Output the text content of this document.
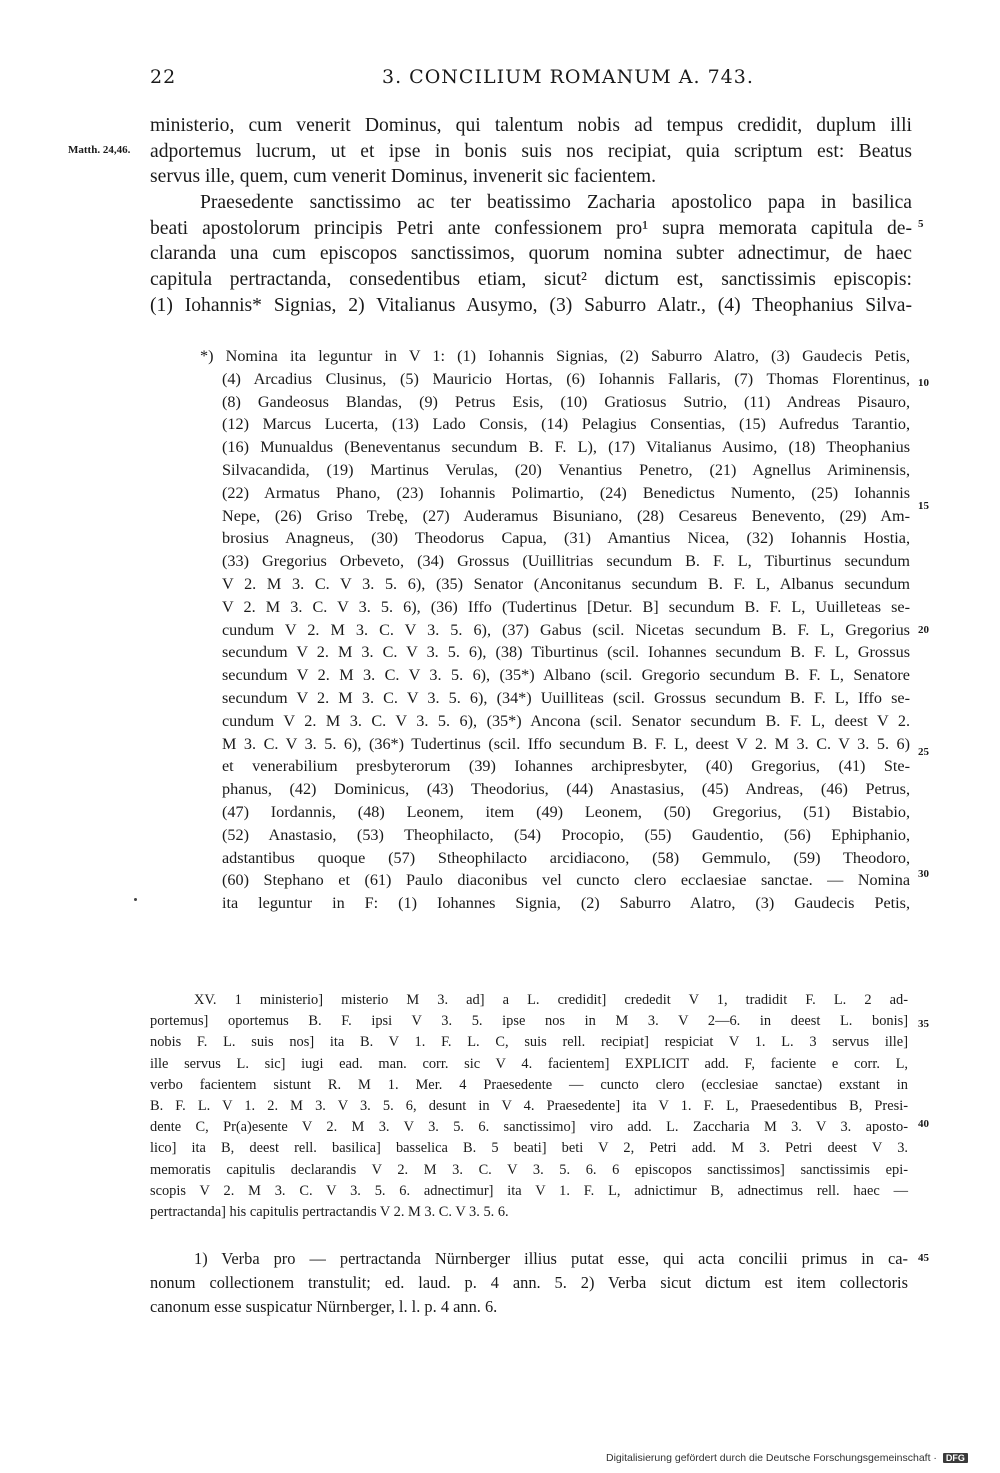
22	3. CONCILIUM ROMANUM A. 743.
Matth. 24,46.
ministerio, cum venerit Dominus, qui talentum nobis ad tempus credidit, duplum illi
adportemus lucrum, ut et ipse in bonis suis nos recipiat, quia scriptum est: Beatus
servus ille, quem, cum venerit Dominus, invenerit sic facientem.
Praesedente sanctissimo ac ter beatissimo Zacharia apostolico papa in basilica
beati apostolorum principis Petri ante confessionem pro¹ supra memorata capitula de-
claranda una cum episcopos sanctissimos, quorum nomina subter adnectimur, de haec
capitula pertractanda, consedentibus etiam, sicut² dictum est, sanctissimis episcopis:
(1) Iohannis* Signias, 2) Vitalianus Ausymo, (3) Saburro Alatr., (4) Theophanius Silva-
5
10
15
20
25
30
35
40
45
*) Nomina ita leguntur in V 1: (1) Iohannis Signias, (2) Saburro Alatro, (3) Gaudecis Petis,
(4) Arcadius Clusinus, (5) Mauricio Hortas, (6) Iohannis Fallaris, (7) Thomas Florentinus,
(8) Gandeosus Blandas, (9) Petrus Esis, (10) Gratiosus Sutrio, (11) Andreas Pisauro,
(12) Marcus Lucerta, (13) Lado Consis, (14) Pelagius Consentias, (15) Aufredus Tarantio,
(16) Munualdus (Beneventanus secundum B. F. L), (17) Vitalianus Ausimo, (18) Theophanius
Silvacandida, (19) Martinus Verulas, (20) Venantius Penetro, (21) Agnellus Ariminensis,
(22) Armatus Phano, (23) Iohannis Polimartio, (24) Benedictus Numento, (25) Iohannis
Nepe, (26) Griso Trebę, (27) Auderamus Bisuniano, (28) Cesareus Benevento, (29) Am-
brosius Anagneus, (30) Theodorus Capua, (31) Amantius Nicea, (32) Iohannis Hostia,
(33) Gregorius Orbeveto, (34) Grossus (Uuillitrias secundum B. F. L, Tiburtinus secundum
V 2. M 3. C. V 3. 5. 6), (35) Senator (Anconitanus secundum B. F. L, Albanus secundum
V 2. M 3. C. V 3. 5. 6), (36) Iffo (Tudertinus [Detur. B] secundum B. F. L, Uuilleteas se-
cundum V 2. M 3. C. V 3. 5. 6), (37) Gabus (scil. Nicetas secundum B. F. L, Gregorius
secundum V 2. M 3. C. V 3. 5. 6), (38) Tiburtinus (scil. Iohannes secundum B. F. L, Grossus
secundum V 2. M 3. C. V 3. 5. 6), (35*) Albano (scil. Gregorio secundum B. F. L, Senatore
secundum V 2. M 3. C. V 3. 5. 6), (34*) Uuilliteas (scil. Grossus secundum B. F. L, Iffo se-
cundum V 2. M 3. C. V 3. 5. 6), (35*) Ancona (scil. Senator secundum B. F. L, deest V 2.
M 3. C. V 3. 5. 6), (36*) Tudertinus (scil. Iffo secundum B. F. L, deest V 2. M 3. C. V 3. 5. 6)
et venerabilium presbyterorum (39) Iohannes archipresbyter, (40) Gregorius, (41) Ste-
phanus, (42) Dominicus, (43) Theodorius, (44) Anastasius, (45) Andreas, (46) Petrus,
(47) Iordannis, (48) Leonem, item (49) Leonem, (50) Gregorius, (51) Bistabio,
(52) Anastasio, (53) Theophilacto, (54) Procopio, (55) Gaudentio, (56) Ephiphanio,
adstantibus quoque (57) Stheophilacto arcidiacono, (58) Gemmulo, (59) Theodoro,
(60) Stephano et (61) Paulo diaconibus vel cuncto clero ecclaesiae sanctae. — Nomina
ita leguntur in F: (1) Iohannes Signia, (2) Saburro Alatro, (3) Gaudecis Petis,
XV. 1 ministerio] misterio M 3. ad] a L. credidit] crededit V 1, tradidit F. L. 2 ad-
portemus] oportemus B. F. ipsi V 3. 5. ipse nos in M 3. V 2—6. in deest L. bonis]
nobis F. L. suis nos] ita B. V 1. F. L. C, suis rell. recipiat] respiciat V 1. L. 3 servus ille]
ille servus L. sic] iugi ead. man. corr. sic V 4. facientem] EXPLICIT add. F, faciente e corr. L,
verbo facientem sistunt R. M 1. Mer. 4 Praesedente — cuncto clero (ecclesiae sanctae) exstant in
B. F. L. V 1. 2. M 3. V 3. 5. 6, desunt in V 4. Praesedente] ita V 1. F. L, Praesedentibus B, Presi-
dente C, Pr(a)esente V 2. M 3. V 3. 5. 6. sanctissimo] viro add. L. Zaccharia M 3. V 3. aposto-
lico] ita B, deest rell. basilica] basselica B. 5 beati] beti V 2, Petri add. M 3. Petri deest V 3.
memoratis capitulis declarandis V 2. M 3. C. V 3. 5. 6. 6 episcopos sanctissimos] sanctissimis epi-
scopis V 2. M 3. C. V 3. 5. 6. adnectimur] ita V 1. F. L, adnictimur B, adnectimus rell. haec —
pertractanda] his capitulis pertractandis V 2. M 3. C. V 3. 5. 6.
1) Verba pro — pertractanda Nürnberger illius putat esse, qui acta concilii primus in ca-
nonum collectionem transtulit; ed. laud. p. 4 ann. 5. 2) Verba sicut dictum est item collectoris
canonum esse suspicatur Nürnberger, l. l. p. 4 ann. 6.
Digitalisierung gefördert durch die Deutsche Forschungsgemeinschaft · DFG
